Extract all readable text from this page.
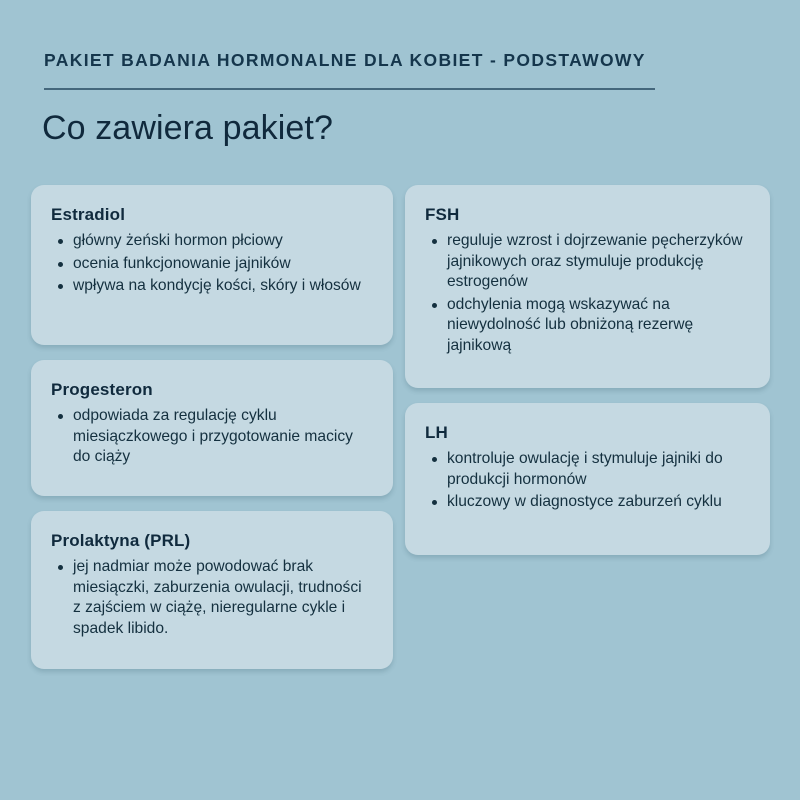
PAKIET BADANIA HORMONALNE DLA KOBIET - PODSTAWOWY
Co zawiera pakiet?
Estradiol
główny żeński hormon płciowy
ocenia funkcjonowanie jajników
wpływa na kondycję kości, skóry i włosów
Progesteron
odpowiada za regulację cyklu miesiączkowego i przygotowanie macicy do ciąży
Prolaktyna (PRL)
jej nadmiar może powodować brak miesiączki, zaburzenia owulacji, trudności z zajściem w ciążę, nieregularne cykle i spadek libido.
FSH
reguluje wzrost i dojrzewanie pęcherzyków jajnikowych oraz stymuluje produkcję estrogenów
odchylenia mogą wskazywać na niewydolność lub obniżoną rezerwę jajnikową
LH
kontroluje owulację i stymuluje jajniki do produkcji hormonów
kluczowy w diagnostyce zaburzeń cyklu
